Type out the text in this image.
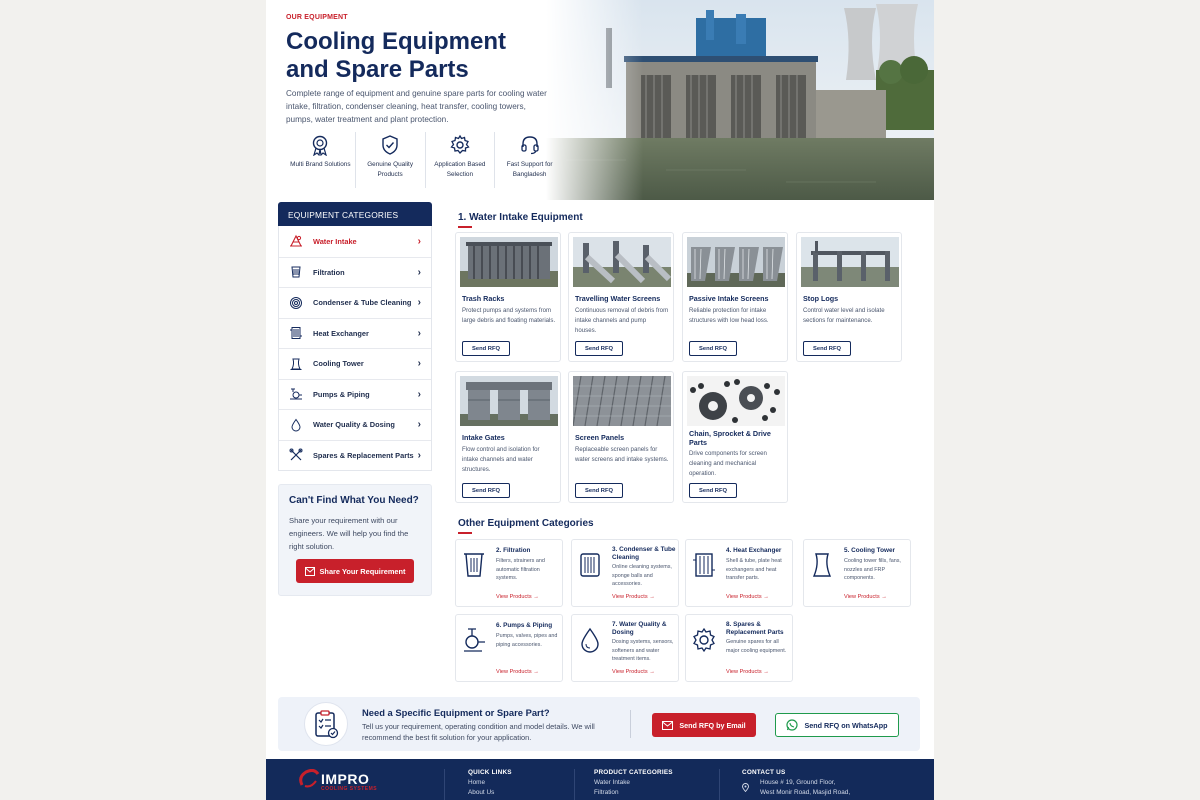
OUR EQUIPMENT
Cooling Equipment and Spare Parts

Complete range of equipment and genuine spare parts for cooling water intake, filtration, condenser cleaning, heat transfer, cooling towers, pumps, water treatment and plant protection.

Multi Brand Solutions	Genuine Quality Products
Application Based Selection
Fast Support for Bangladesh
EQUIPMENT CATEGORIES
Water Intake	›
Filtration	›
Condenser & Tube Cleaning ›
Heat Exchanger	›
Cooling Tower	›
Pumps & Piping	›
Water Quality & Dosing	›
Spares & Replacement Parts ›
Can't Find What You Need?
Share your requirement with our engineers. We will help you find the right solution.
Share Your Requirement
1. Water Intake Equipment
Trash Racks
Protect pumps and systems from large debris and floating materials.
Send RFQ
Travelling Water Screens
Continuous removal of debris from intake channels and pump houses.
Send RFQ
Passive Intake Screens
Reliable protection for intake structures with low head loss.
Send RFQ
Stop Logs
Control water level and isolate sections for maintenance.
Send RFQ
Intake Gates
Flow control and isolation for intake channels and water structures.
Send RFQ
Screen Panels
Replaceable screen panels for water screens and intake systems.
Send RFQ
Chain, Sprocket & Drive Parts
Drive components for screen cleaning and mechanical operation.
Send RFQ
Other Equipment Categories
2. Filtration
Filters, strainers and automatic filtration systems.
View Products →
3. Condenser & Tube Cleaning
Online cleaning systems, sponge balls and accessories.
View Products →
4. Heat Exchanger
Shell & tube, plate heat exchangers and heat transfer parts.
View Products →
5. Cooling Tower
Cooling tower fills, fans, nozzles and FRP components.
View Products →
6. Pumps & Piping
Pumps, valves, pipes and piping accessories.
View Products →
7. Water Quality & Dosing
Dosing systems, sensors, softeners and water treatment items.
View Products →
8. Spares & Replacement Parts
Genuine spares for all major cooling equipment.
View Products →
Need a Specific Equipment or Spare Part?
Tell us your requirement, operating condition and model details. We will recommend the best fit solution for your application.
Send RFQ by Email	Send RFQ on WhatsApp
IMPRO
COOLING SYSTEMS
QUICK LINKS
Home
About Us
PRODUCT CATEGORIES
Water Intake
Filtration
CONTACT US
House # 19, Ground Floor,
West Monir Road, Masjid Road,
